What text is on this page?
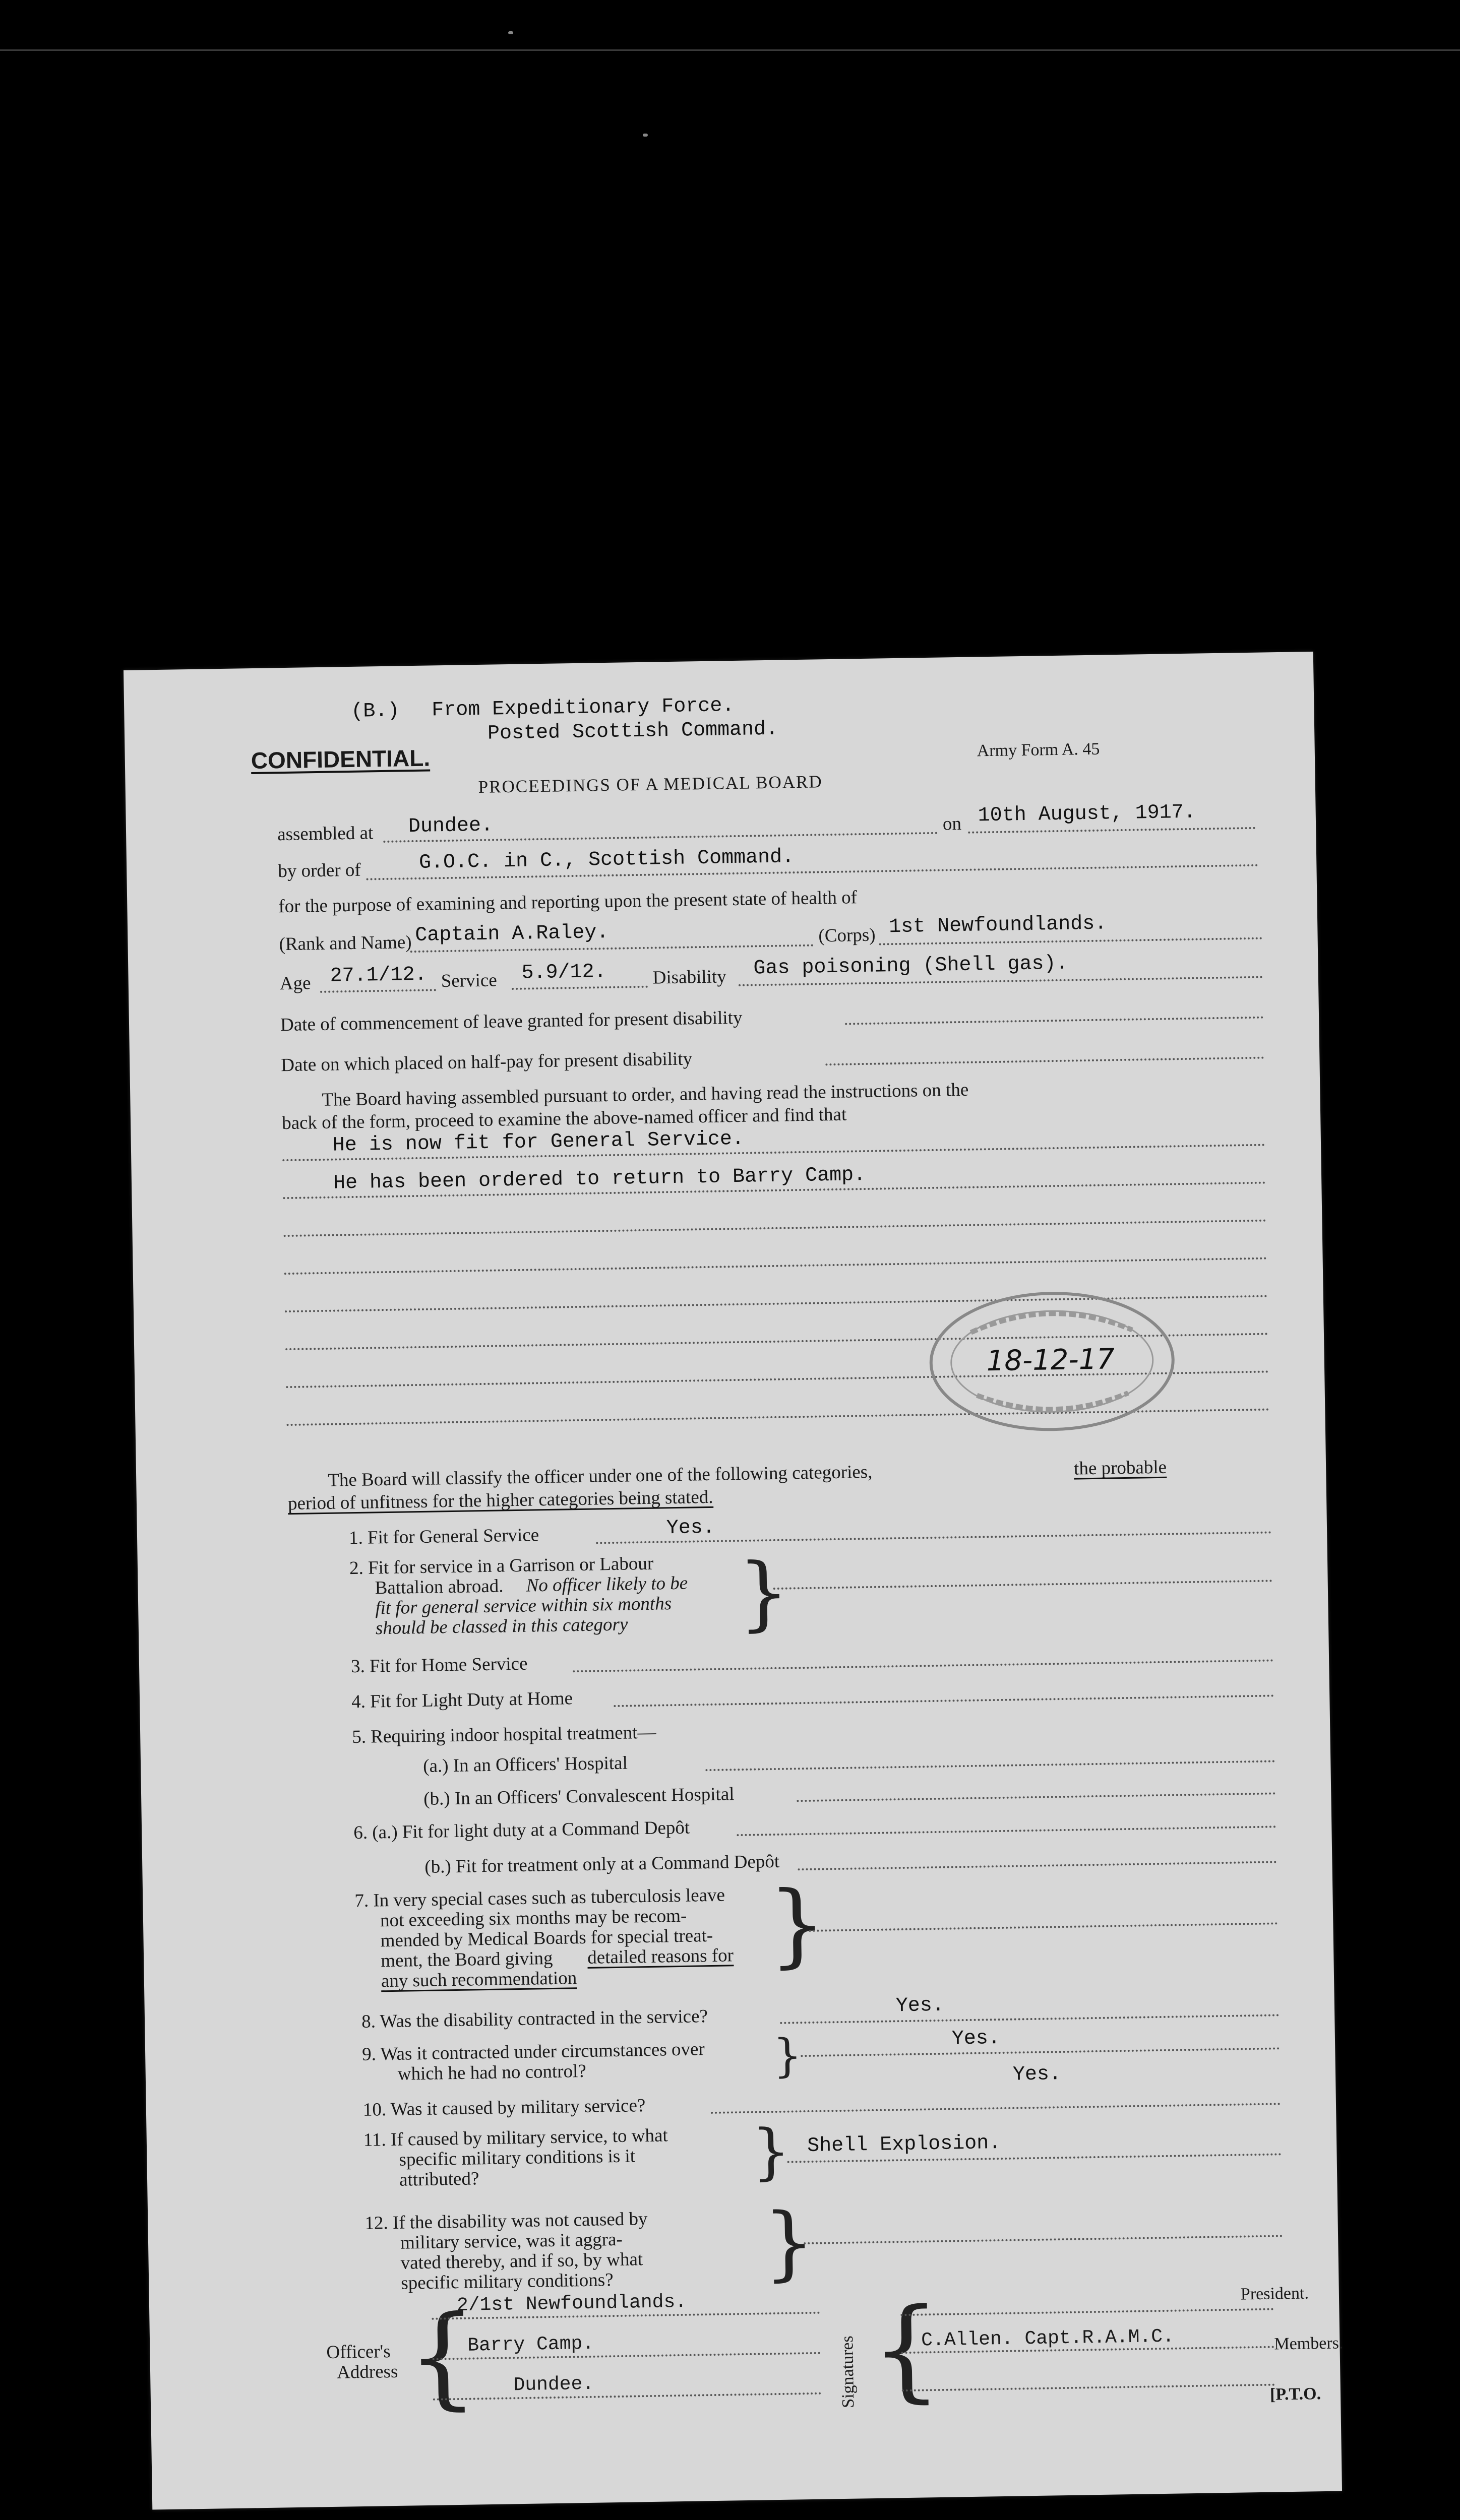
(B.) From Expeditionary Force.
Posted Scottish Command.
CONFIDENTIAL.	Army Form A. 45
PROCEEDINGS OF A MEDICAL BOARD
assembled at Dundee.	on 10th August, 1917.
by order of	G.O.C. in C., Scottish Command.
for the purpose of examining and reporting upon the present state of health of
(Rank and Name) Captain A.Raley.	(Corps) 1st Newfoundlands.
Age 27.1/12. Service 5.9/12. Disability Gas poisoning (Shell gas).
Date of commencement of leave granted for present disability
Date on which placed on half-pay for present disability
The Board having assembled pursuant to order, and having read the instructions on the
back of the form, proceed to examine the above-named officer and find that
He is now fit for General Service.
He has been ordered to return to Barry Camp.
18-12-17
The Board will classify the officer under one of the following categories,	the probable
period of unfitness for the higher categories being stated.
1. Fit for General Service	Yes.
2. Fit for service in a Garrison or Labour
Battalion abroad. No officer likely to be
fit for general service within six months
should be classed in this category }
3. Fit for Home Service
4. Fit for Light Duty at Home
5. Requiring indoor hospital treatment—
(a.) In an Officers' Hospital
(b.) In an Officers' Convalescent Hospital
6. (a.) Fit for light duty at a Command Depôt
(b.) Fit for treatment only at a Command Depôt
7. In very special cases such as tuberculosis leave
not exceeding six months may be recom-
mended by Medical Boards for special treat-
ment, the Board giving detailed reasons for
any such recommendation
}
8. Was the disability contracted in the service?
Yes.
9. Was it contracted under circumstances over
which he had no control?	}	Yes.
10. Was it caused by military service?
Yes.
11. If caused by military service, to what
specific military conditions is it
attributed?	} Shell Explosion.
12. If the disability was not caused by
military service, was it aggra-
vated thereby, and if so, by what
specific military conditions? }
Officer's
Address {
2/1st Newfoundlands.
Barry Camp.
Dundee.	Signatures {
C.Allen. Capt.R.A.M.C.
President.
Members.
[P.T.O.
